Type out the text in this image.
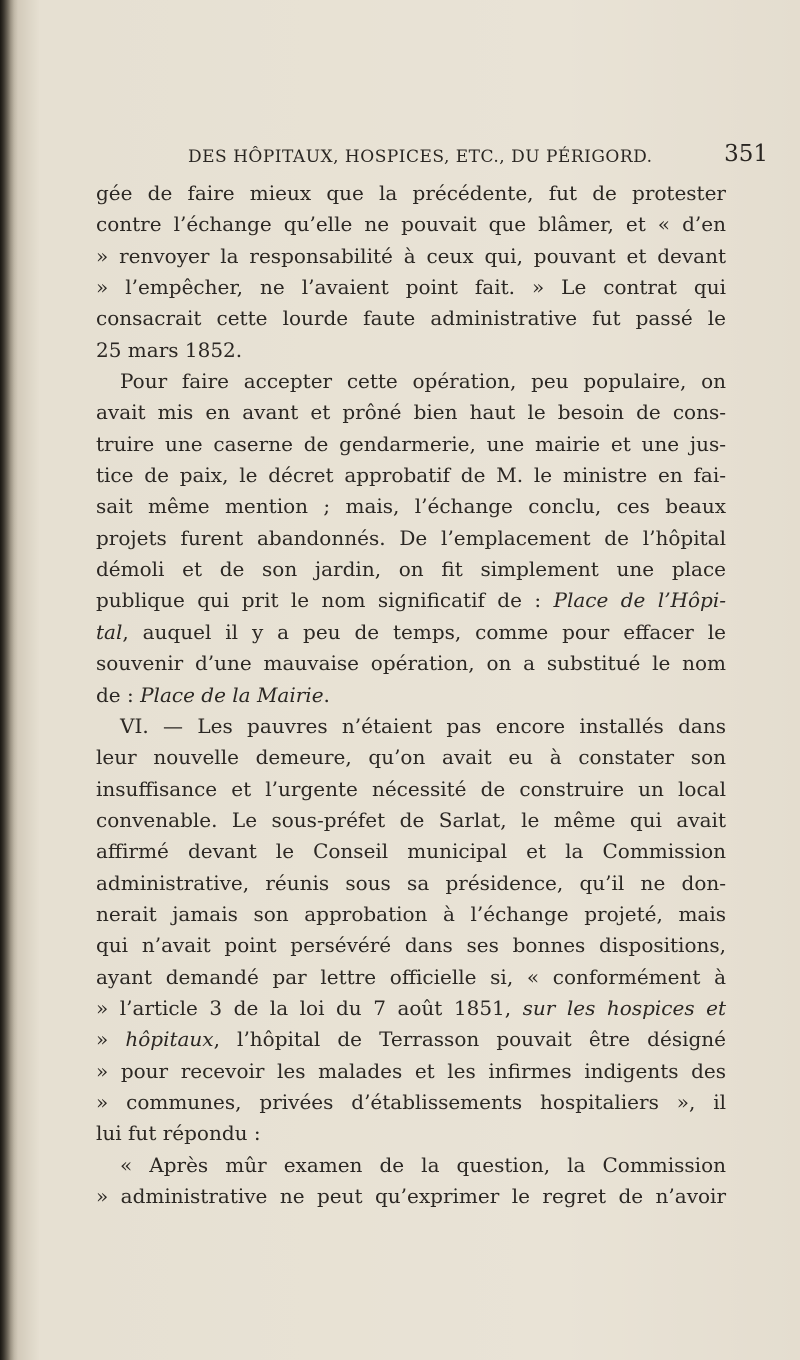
DES HÔPITAUX, HOSPICES, ETC., DU PÉRIGORD.	351
gée de faire mieux que la précédente, fut de protester
contre l’échange qu’elle ne pouvait que blâmer, et « d’en
» renvoyer la responsabilité à ceux qui, pouvant et devant
» l’empêcher, ne l’avaient point fait. » Le contrat qui
consacrait cette lourde faute administrative fut passé le
25 mars 1852.
Pour faire accepter cette opération, peu populaire, on
avait mis en avant et prôné bien haut le besoin de cons-
truire une caserne de gendarmerie, une mairie et une jus-
tice de paix, le décret approbatif de M. le ministre en fai-
sait même mention ; mais, l’échange conclu, ces beaux
projets furent abandonnés. De l’emplacement de l’hôpital
démoli et de son jardin, on fit simplement une place
publique qui prit le nom significatif de : Place de l’Hôpi-
tal, auquel il y a peu de temps, comme pour effacer le
souvenir d’une mauvaise opération, on a substitué le nom
de : Place de la Mairie.
VI. — Les pauvres n’étaient pas encore installés dans
leur nouvelle demeure, qu’on avait eu à constater son
insuffisance et l’urgente nécessité de construire un local
convenable. Le sous-préfet de Sarlat, le même qui avait
affirmé devant le Conseil municipal et la Commission
administrative, réunis sous sa présidence, qu’il ne don-
nerait jamais son approbation à l’échange projeté, mais
qui n’avait point persévéré dans ses bonnes dispositions,
ayant demandé par lettre officielle si, « conformément à
» l’article 3 de la loi du 7 août 1851, sur les hospices et
» hôpitaux, l’hôpital de Terrasson pouvait être désigné
» pour recevoir les malades et les infirmes indigents des
» communes, privées d’établissements hospitaliers », il
lui fut répondu :
« Après mûr examen de la question, la Commission
» administrative ne peut qu’exprimer le regret de n’avoir
